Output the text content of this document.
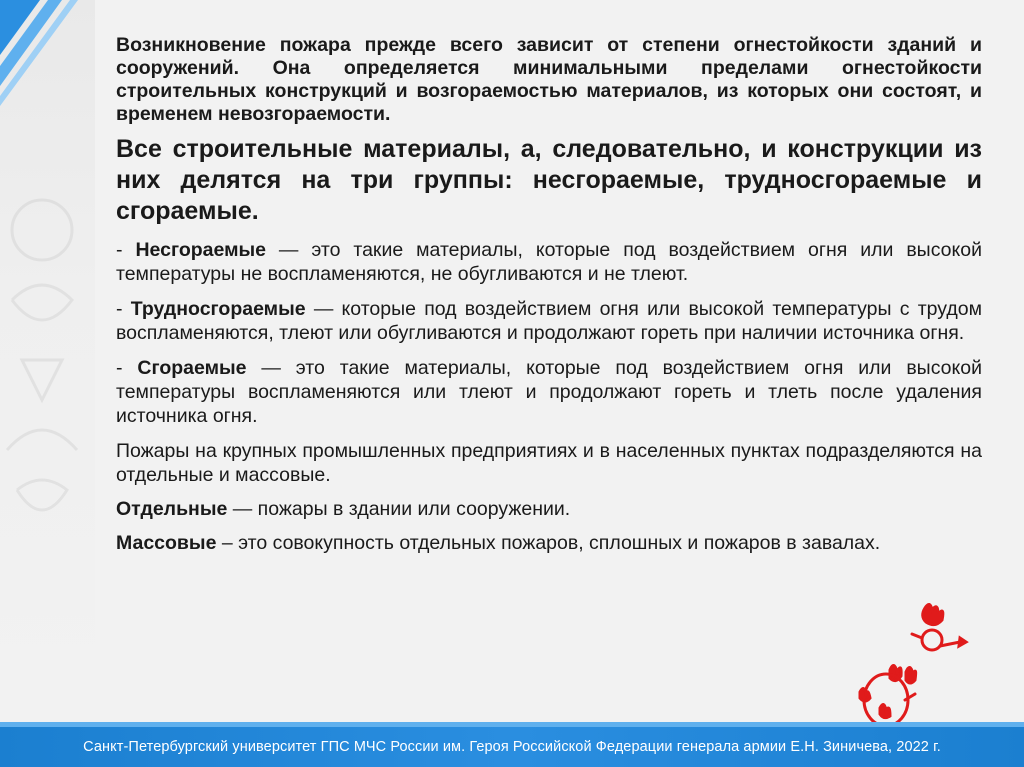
Возникновение пожара прежде всего зависит от степени огнестойкости зданий и сооружений. Она определяется минимальными пределами огнестойкости строительных конструкций и возгораемостью материалов, из которых они состоят, и временем невозгораемости.

Все строительные материалы, а, следовательно, и конструкции из них делятся на три группы: несгораемые, трудносгораемые и сгораемые.

- Несгораемые — это такие материалы, которые под воздействием огня или высокой температуры не воспламеняются, не обугливаются и не тлеют.

- Трудносгораемые — которые под воздействием огня или высокой температуры с трудом воспламеняются, тлеют или обугливаются и продолжают гореть при наличии источника огня.

- Сгораемые — это такие материалы, которые под воздействием огня или высокой температуры воспламеняются или тлеют и продолжают гореть и тлеть после удаления источника огня.

Пожары на крупных промышленных предприятиях и в населенных пунктах подразделяются на отдельные и массовые.

Отдельные — пожары в здании или сооружении.

Массовые – это совокупность отдельных пожаров, сплошных и пожаров в завалах.

Санкт-Петербургский университет ГПС МЧС России им. Героя Российской Федерации генерала армии Е.Н. Зиничева, 2022 г.
